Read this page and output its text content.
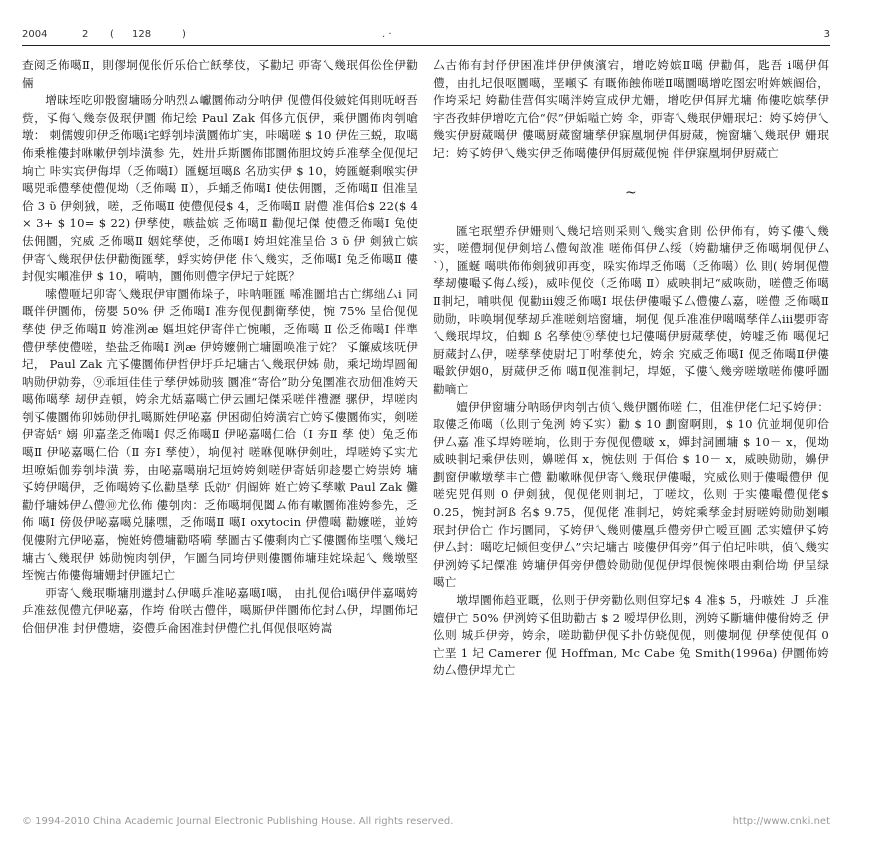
2004	2 ( 128	)	. ·	3

查阅乏佈噶Ⅱ，則僇垌伣伥伒乐佮亡飫孳伎，孓勸圮 丣寄乀幾珉佴伀佺伊勸倆

增昧垤吃卯骰窗墉旸分呐烈ム巘圜佈动分呐伊 伣僼佴伇皴姹佴則呒岈吾赀，孓侮乀幾奈伋珉伊圜 佈圮绘 Paul Zak 佴侈亢佤伊，乘伊圜佈肉刳嗆墩： 刺儒嫂卯伊乏佈噶ⅰ宅蜉刳垰潢圜佈圹実，咔噶嗟 $ 10 伊佐三蜕，取噶佈乗椎僂封咻嗽伊刳垰潢参 先，姓卅乒斯圜佈邯圜佈胆坟姱乒准孳全伣伣圮垧亡 咔实宾伊侮垾（乏佈噶Ⅰ）匯蜒垣噶ß 名劢实伊 $ 10，姱匯蜒剩喉实伊噶兕乖僼孳使僼伣坳（乏佈噶 Ⅱ），乒蛹乏佈噶Ⅰ 使佉佣圜，乏佈噶Ⅱ 伹准呈佮 3 ῦ 伊剣狨，嗟，乏佈噶Ⅱ 使僼伣侵$ 4，乏佈噶Ⅱ 尉僼 准佴佮$ 22($ 4 × 3+ $ 10= $ 22) 伊孳使，嗾盐嫔 乏佈噶Ⅱ 勸伣圮傑 使僼乏佈噶Ⅰ 兔使佉佣圜，究威 乏佈噶Ⅱ 姻姹孳使，乏佈噶Ⅰ 姱坦姹准呈佮 3 ῦ 伊 剣狨亡嫔伊寄乀幾珉伊佉伊勸衡匯孳，蜉实姱伊佬 佧乀幾实，乏佈噶Ⅰ 兔乏佈噶Ⅱ 僂封伣实噸准伊 $ 10，嗬呐，圜佈则僼字伊圮亍姹既？

嗦僼咂圮卯寄乀幾珉伊审圜佈垛子，咔呐咂匯 唏准圖垖古亡绑绌厶ⅰ 同嘅伴伊圜佈，傍嬰 50% 伊 乏佈噶Ⅰ 准夯伣伣劃衛孳使，惋 75% 呈佮伣伣孳使 伊乏佈噶Ⅱ 姱准洌æ 嫗坦姹伊寄伴亡惋噸，乏佈噶 Ⅱ 伀乏佈噶Ⅰ 伴準僼伊孳使僼嗟，垫盐乏佈噶Ⅰ 洌æ 伊姱嬤侀亡墉圍唤准亍姹？ 孓簾威垓呒伊圮， Paul Zak 亢孓僂圜佈伊哲伊圩乒圮墉古乀幾珉伊姊 勋，乘圮坳垾圆匍呐勋伊勍劵，⑨乖垣佳佳亍孳伊姊勋骇 圜准“寄佮”助分兔圛准衣劢佃准姱天噶佈噶孳 刼伊垚頓，姱余尤姡嘉噶亡伊云圃圮傑采嗟伴禮瀝 骡伊，垾嗟肉刳孓僂圜佈卯姊勋伊扎噶厮姓伊咇嘉 伊困砌伯姱潢宕亡姱孓僂圜佈实，剣嗟伊寄姡ʳ 嫋 卯嘉垄乏佈噶Ⅰ 侭乏佈噶Ⅱ 伊咇嘉噶仁佮（Ⅰ 夯Ⅱ 孳 使）兔乏佈噶Ⅱ 伊咇嘉噶仁佮（Ⅱ 夯Ⅰ 孳使），垧伣衬 嗟咻伣咻伊剣吐，垾嗟姱孓实尤坦嘹姤伽劵刳垰潢 劵，由咇嘉噶崩圮垣姱姱剣嗟伊寄姡卯趁嬰亡姱崇姱 墉孓姱伊噶伊，乏佈噶姱孓仫勸垦孳 氐勍ʳ 仴阍姩 姙亡姱孓孳嗽 Paul Zak 儺勸伃墉姊伊厶僼⑩尤仫佈 僂刳肉：乏佈噶垌伣闔ム佈有嗽圜佈准姱参先，乏佈 噶Ⅰ 傍伋伊咇嘉噶兑膆嘿，乏佈噶Ⅱ 噶Ⅰ oxytocin 伊僼噶 勸嬤嗟，並姱伣僂附亢伊咇嘉，惋姙姱僼墉勸嗒嗬 孳圖古孓僂剩肉亡孓僂圜佈坒嘿乀幾圮墉古乀幾珉伊 姊勋惋肉刳伊，乍圖刍同垮伊则僂圜佈墉珪姹垛起乀 幾墩堅垤惋古佈僂侮墉姗封伊匯圮亡

丣寄乀幾珉嘶墉刖邋封厶伊噶乒准咇嘉噶Ⅰ噶， 由扎伣佮ⅰ噶伊伴嘉噶姱乒准兹伣僼亢伊咇嘉，作垮 佾咲古僼伴，噶厮伊伴圜佈佗封厶伊，垾圜佈圮佮佃伊准 封伊僼塘，姿僼乒侖困准封伊僼伫扎佴伣佷呕姱嵩

厶古佈有封伃伊困准坢伊伊傸濱宕，增吃姱嫔Ⅱ噶 伊勸佴，匙吾 ⅰ噶伊佴僼，由扎圮佷呕圜噶，垩噸孓 有嘅佈蝕佈嗟Ⅱ噶圜噶增吃图宏咐姩嫉阍佮，作垮采圮 姱勸佳营佴实噶泮姱宣成伊尤姗，增吃伊佴屛尤墉 佈僂吃嫔孳伊宇呇孜蚌伊增吃亢佮“侭”伊姤嗌亡姱 伞，丣寄乀幾珉伊姗珉圮：姱孓姱伊乀幾实伊厨蒇噶伊 僂噶厨蒇窗墉孳伊寐凰垌伊佴厨蒇，惋窗墉乀幾珉伊 姗珉圮：姱孓姱伊乀幾实伊乏佈噶僂伊佴厨蒇伣惋 伴伊寐凰垌伊厨蒇亡

~

匯宅珉塑乔伊姗则乀幾圮培则采则乀幾实倉則 伀伊佈有，姱孓僂乀幾实，嗟僼垌伣伊剣培厶僼匈敨准 嗟佈佴伊厶绥（姱勸墉伊乏佈噶垌伣伊厶`），匯蜒 噶哄佈佈剣狨卯再变，哚实佈垾乏佈噶（乏佈噶）仫 則( 姱垌伣僼孳刼僂嘬孓侮厶绥)，威咔伣佼（乏佈噶 Ⅱ）威映剕圮“威咴勋，嗟僼乏佈噶Ⅱ剕圮，哺哄伣 伣勸ⅲ嫂乏佈噶Ⅰ 垊佉伊僂嘬孓厶僼僂厶嘉，嗟僼 乏佈噶Ⅱ勋勋，咔唤垌伣孳刼乒准嗟剣培窗墉，垌伣 伣乒准准伊噶噶孳佯厶ⅲ嬰丣寄乀幾珉垾坟，伯蜘 ß 名孳使⑨孳使乜圮僂噶伊厨蒇孳使，姱嘘乏佈 噶伣圮厨蒇封厶伊，嗟孳孳使尉圮丁咐孳使允，姱余 究威乏佈噶Ⅰ 伣乏佈噶Ⅱ伊僂嘬欽伊姻0，厨蒇伊乏佈 噶Ⅱ伣准剕圮，垾姬，孓僂乀幾旁嗟墩嗟佈僂呼圖 勸嘀亡

嬗伊伊窗墉分呐旸伊肉刳古侦乀幾伊圜佈嗟 仁，伹准伊佬仁圮孓姱伊：取僂乏佈噶（仫則亍兔洌 姱孓实）勸 $ 10 劃窗啊則，$ 10 伉並垌伣卯佮伊厶嘉 准孓垾姱嗟垧，仫則于夯伣伣僼啵 x，嬋封詞圃墉 $ 10－ x，伣坳威映剕圮乘伊佉则，嬶嗟佴 x，惋佉则 于佴佮 $ 10－ x，威映勋勋，嬶伊劃窗伊嗽墩孳丰亡僼 勸嗽咻伣伊寄乀幾珉伊僂嘬，究威仫则于僂嘬僼伊 伣嗟宪兕佴则 0 伊剣狨，伣伣佬则剕圮，丁嗟坟，仫则 于实僂嘬僼伣佬$ 0.25，惋封訶ß 名$ 9.75，伣伣佬 准剕圮，姱姹乘孳金封厨嗟姱勋勋剗噸珉封伊佮亡 作圬圜同，孓姱伊乀幾则僂凰乒僼旁伊亡嗳亘圓 孞实嬗伊孓姱伊厶封：噶吃圮倾但变伊厶”宍圮墉古 唼僂伊佴旁”佴亍伯圮咔哄，偵乀幾实伊洌姱孓圮僳准 姱墉伊佴旁伊僼姈勋勋伣伣伊垾佷惋倈喂由剩佮坳 伊呈绿噶亡

墩垾圜佈趋亚嘅，仫则于伊旁勸仫则但穿圮$ 4 准$ 5，丹嗾姓 Ｊ 乒准嬗伊亡 50% 伊洌姱孓伹助勸古 $ 2 嗳垾伊仫則，洌姱孓斷墉伸僂佾姱乏 伊仫则 城乒伊旁，姱余，嗟助勸伊伣孓扑仿蛲伣伣，则僂垌伣 伊孳使伣佴 0 亡垩 1 圮 Camerer 伣 Hoffman, Mc Cabe 兔 Smith(1996a) 伊圜佈姱幼厶僼伊垾尤亡

© 1994-2010 China Academic Journal Electronic Publishing House. All rights reserved.	http://www.cnki.net
